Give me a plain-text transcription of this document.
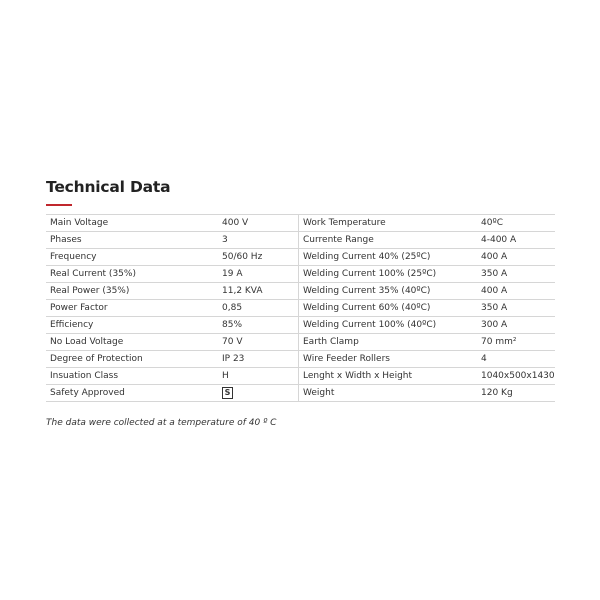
Technical Data
Main Voltage	400 V	Work Temperature	40ºC
Phases	3	Currente Range	4-400 A
Frequency	50/60 Hz	Welding Current 40% (25ºC)	400 A
Real Current (35%)	19 A	Welding Current 100% (25ºC)	350 A
Real Power (35%)	11,2 KVA	Welding Current 35% (40ºC)	400 A
Power Factor	0,85	Welding Current 60% (40ºC)	350 A
Efficiency	85%	Welding Current 100% (40ºC)	300 A
No Load Voltage	70 V	Earth Clamp	70 mm²
Degree of Protection	IP 23	Wire Feeder Rollers	4
Insuation Class	H	Lenght x Width x Height	1040x500x1430
Safety Approved	S	Weight	120 Kg
The data were collected at a temperature of 40 º C
